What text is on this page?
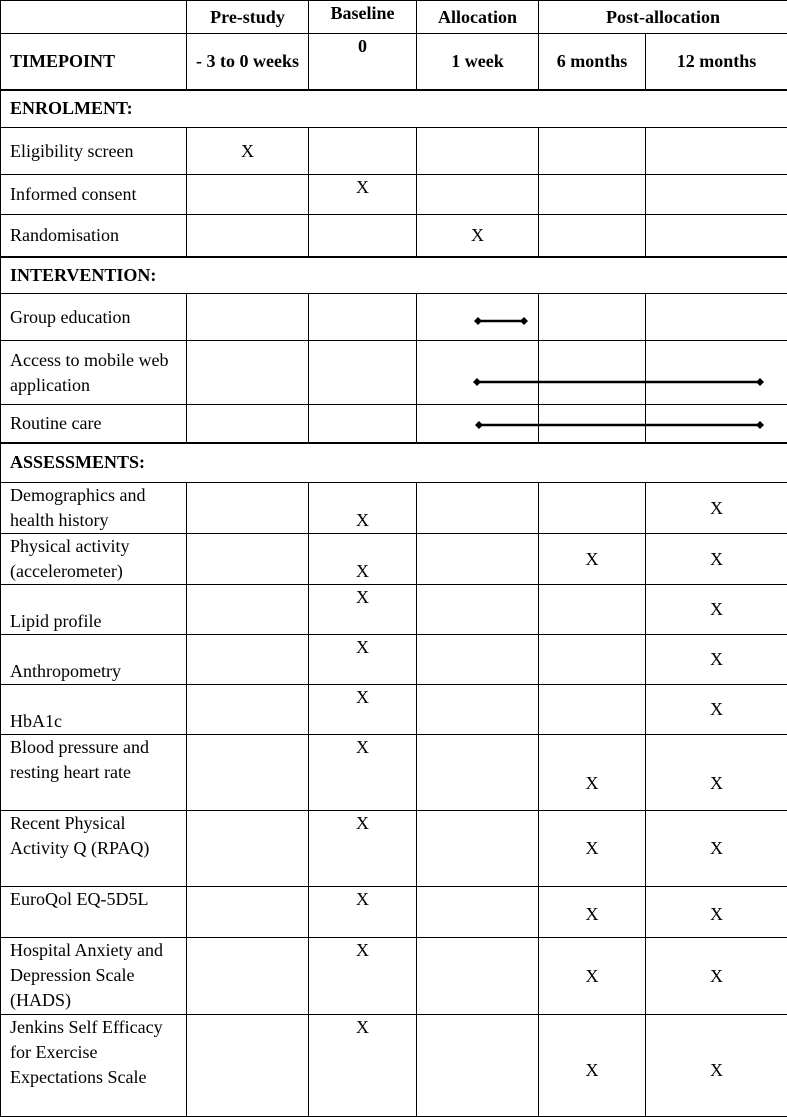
	Pre-study	Baseline	Allocation	Post-allocation	
TIMEPOINT	- 3 to 0 weeks	0	1 week	6 months	12 months
ENROLMENT:					
Eligibility screen	X				
Informed consent		X			
Randomisation			X		
INTERVENTION:					
Group education					
Access to mobile web application					
Routine care					
ASSESSMENTS:					
Demographics and health history		X			X
Physical activity (accelerometer)		X		X	X
Lipid profile		X			X
Anthropometry		X			X
HbA1c		X			X
Blood pressure and resting heart rate		X		X	X
Recent Physical Activity Q (RPAQ)		X		X	X
EuroQol EQ-5D5L		X		X	X
Hospital Anxiety and Depression Scale (HADS)		X		X	X
Jenkins Self Efficacy for Exercise Expectations Scale		X		X	X
